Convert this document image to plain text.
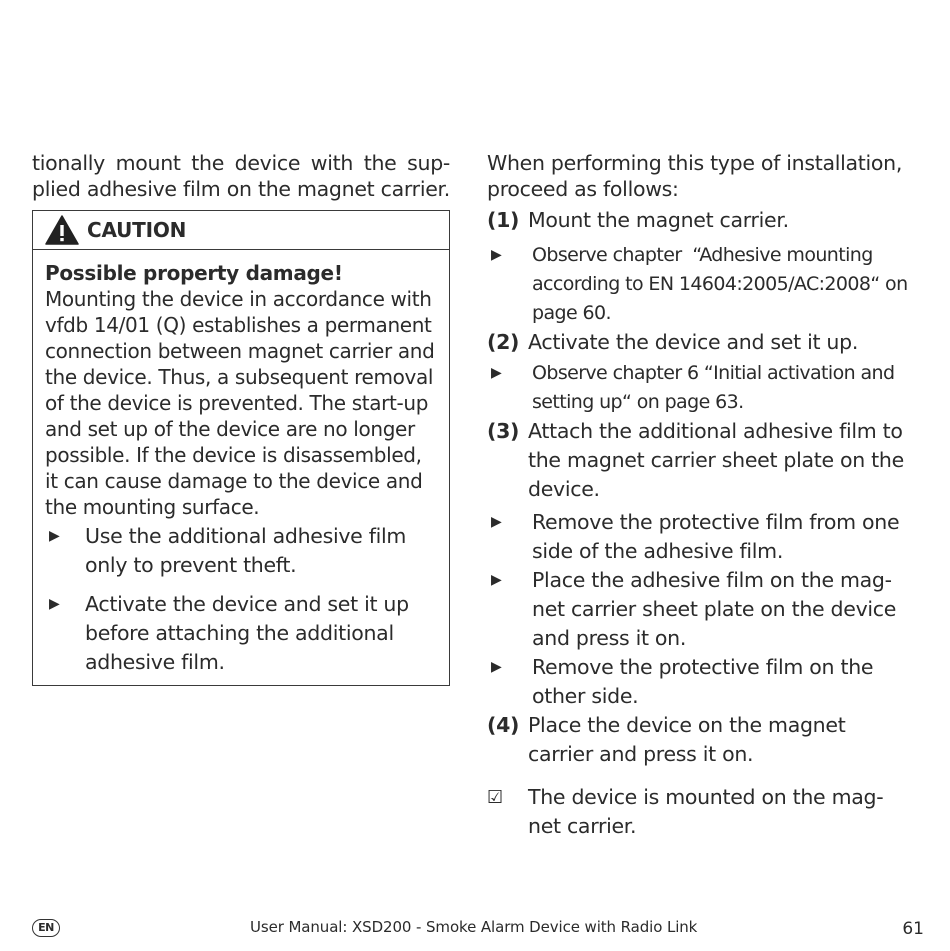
tionally mount the device with the sup-

plied adhesive film on the magnet carrier.

CAUTION
Possible property damage!
Mounting the device in accordance with vfdb 14/01 (Q) establishes a permanent connection between magnet carrier and the device. Thus, a subsequent removal of the device is prevented. The start-up and set up of the device are no longer possible. If the device is disassembled, it can cause damage to the device and the mounting surface.
▶	Use the additional adhesive film only to prevent theft.
▶	Activate the device and set it up before attaching the additional adhesive film.

When performing this type of installation, proceed as follows:

(1) Mount the magnet carrier.
▶	Observe chapter  “Adhesive mounting according to EN 14604:2005/AC:2008“ on page 60.
(2) Activate the device and set it up.
▶	Observe chapter 6 “Initial activation and setting up“ on page 63.
(3) Attach the additional adhesive film to the magnet carrier sheet plate on the device.
▶	Remove the protective film from one side of the adhesive film.
▶	Place the adhesive film on the mag- net carrier sheet plate on the device and press it on.
▶	Remove the protective film on the other side.
(4) Place the device on the magnet carrier and press it on.
☑	The device is mounted on the mag- net carrier.
EN	User Manual: XSD200 - Smoke Alarm Device with Radio Link	61
